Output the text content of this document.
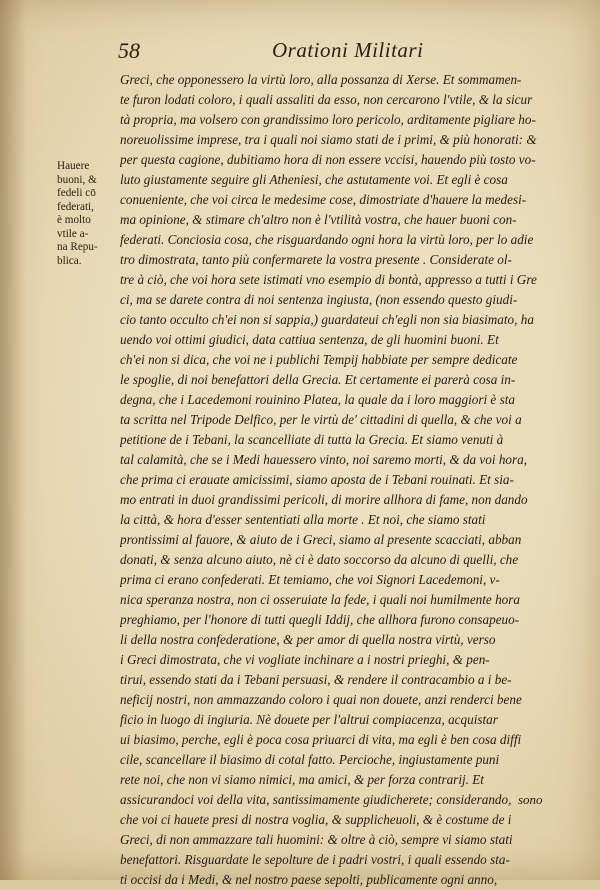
58	Orationi Militari
Hauere
buoni, &
fedeli cō
federati,
è molto
vtile a-
na Repu-
blica.
Greci, che opponessero la virtù loro, alla possanza di Xerse. Et sommamen-
te furon lodati coloro, i quali assaliti da esso, non cercarono l'vtile, & la sicur
tà propria, ma volsero con grandissimo loro pericolo, arditamente pigliare ho-
noreuolissime imprese, tra i quali noi siamo stati de i primi, & più honorati: &
per questa cagione, dubitiamo hora di non essere vccisi, hauendo più tosto vo-
luto giustamente seguire gli Atheniesi, che astutamente voi. Et egli è cosa
conueniente, che voi circa le medesime cose, dimostriate d'hauere la medesi-
ma opinione, & stimare ch'altro non è l'vtilità vostra, che hauer buoni con-
federati. Conciosia cosa, che risguardando ogni hora la virtù loro, per lo adie
tro dimostrata, tanto più confermarete la vostra presente . Considerate ol-
tre à ciò, che voi hora sete istimati vno esempio di bontà, appresso a tutti i Gre
ci, ma se darete contra di noi sentenza ingiusta, (non essendo questo giudi-
cio tanto occulto ch'ei non si sappia,) guardateui ch'egli non sia biasimato, ha
uendo voi ottimi giudici, data cattiua sentenza, de gli huomini buoni. Et
ch'ei non si dica, che voi ne i publichi Tempij habbiate per sempre dedicate
le spoglie, di noi benefattori della Grecia. Et certamente ei parerà cosa in-
degna, che i Lacedemoni rouinino Platea, la quale da i loro maggiori è sta
ta scritta nel Tripode Delfico, per le virtù de' cittadini di quella, & che voi a
petitione de i Tebani, la scancelliate di tutta la Grecia. Et siamo venuti à
tal calamità, che se i Medi hauessero vinto, noi saremo morti, & da voi hora,
che prima ci erauate amicissimi, siamo aposta de i Tebani rouinati. Et sia-
mo entrati in duoi grandissimi pericoli, di morire allhora di fame, non dando
la città, & hora d'esser sententiati alla morte . Et noi, che siamo stati
prontissimi al fauore, & aiuto de i Greci, siamo al presente scacciati, abban
donati, & senza alcuno aiuto, nè ci è dato soccorso da alcuno di quelli, che
prima ci erano confederati. Et temiamo, che voi Signori Lacedemoni, v-
nica speranza nostra, non ci osseruiate la fede, i quali noi humilmente hora
preghiamo, per l'honore di tutti quegli Iddij, che allhora furono consapeuo-
li della nostra confederatione, & per amor di quella nostra virtù, verso
i Greci dimostrata, che vi vogliate inchinare a i nostri prieghi, & pen-
tirui, essendo stati da i Tebani persuasi, & rendere il contracambio a i be-
neficij nostri, non ammazzando coloro i quai non douete, anzi renderci bene
ficio in luogo di ingiuria. Nè douete per l'altrui compiacenza, acquistar
ui biasimo, perche, egli è poca cosa priuarci di vita, ma egli è ben cosa diffi
cile, scancellare il biasimo di cotal fatto. Percioche, ingiustamente puni
rete noi, che non vi siamo nimici, ma amici, & per forza contrarij. Et
assicurandoci voi della vita, santissimamente giudicherete; considerando,
che voi ci hauete presi di nostra voglia, & supplicheuoli, & è costume de i
Greci, di non ammazzare tali huomini: & oltre à ciò, sempre vi siamo stati
benefattori. Risguardate le sepolture de i padri vostri, i quali essendo sta-
ti occisi da i Medi, & nel nostro paese sepolti, publicamente ogni anno,
sono
